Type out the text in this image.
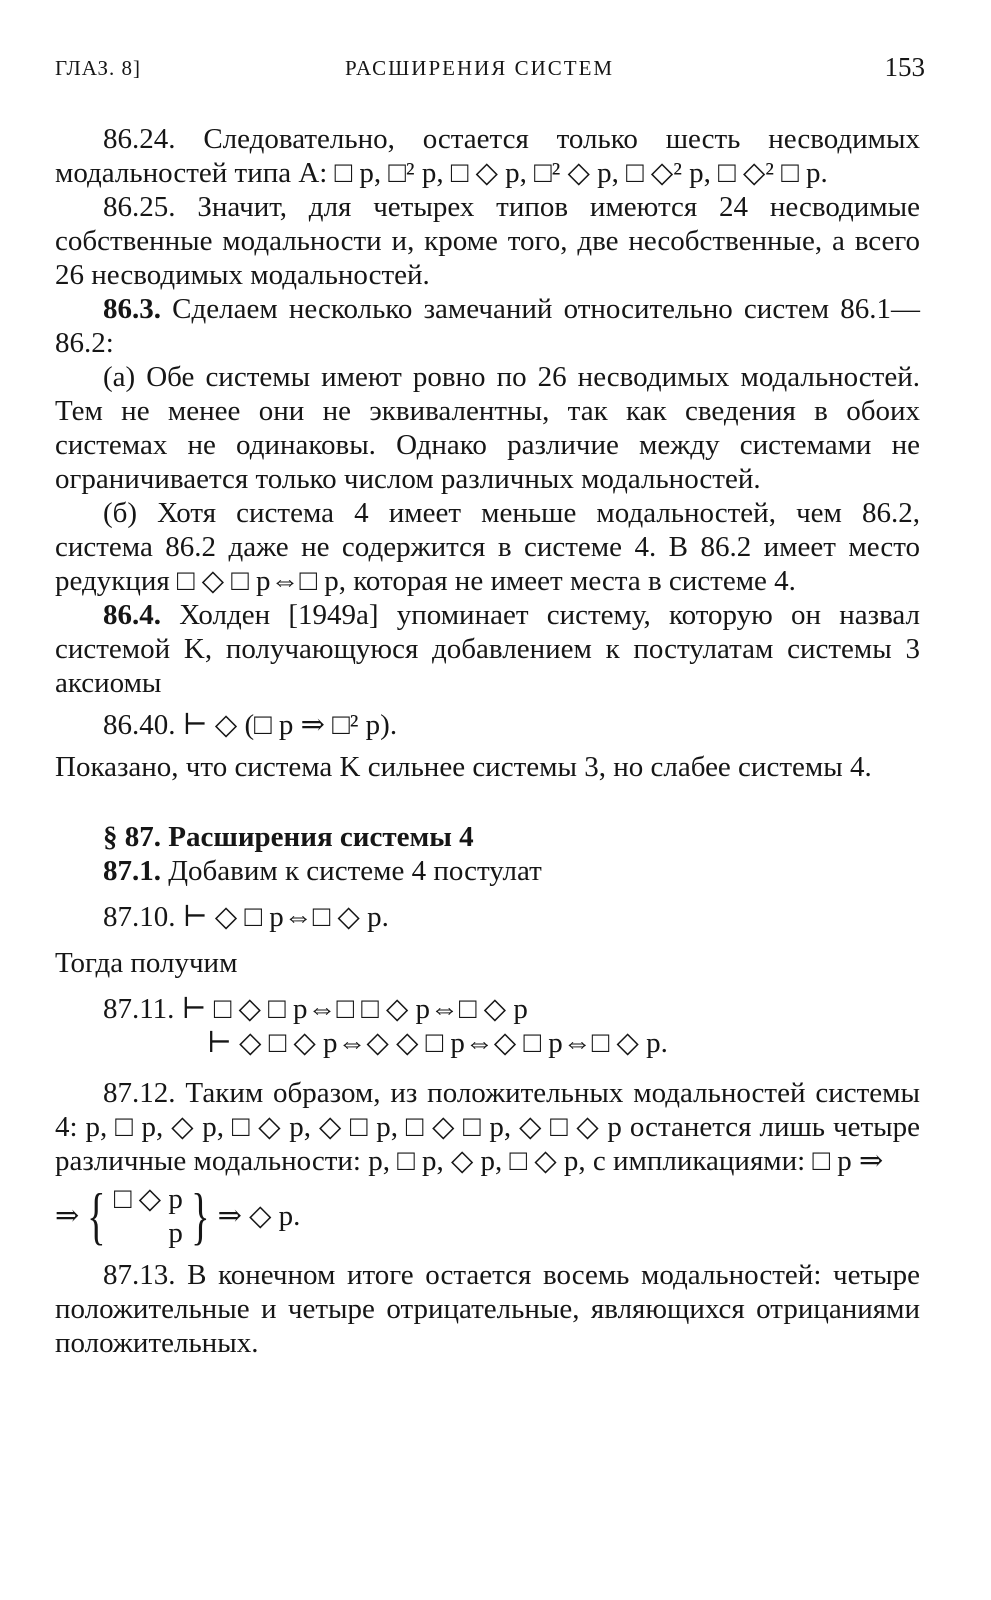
ГЛАЗ. 8]	РАСШИРЕНИЯ СИСТЕМ	153

86.24. Следовательно, остается только шесть несводимых модальностей типа А: □ p, □² p, □ ◇ p, □² ◇ p, □ ◇² p, □ ◇² □ p.

86.25. Значит, для четырех типов имеются 24 несводимые собственные модальности и, кроме того, две несобственные, а всего 26 несводимых модальностей.

86.3. Сделаем несколько замечаний относительно систем 86.1—86.2:

(а) Обе системы имеют ровно по 26 несводимых модальностей. Тем не менее они не эквивалентны, так как сведения в обоих системах не одинаковы. Однако различие между системами не ограничивается только числом различных модальностей.

(б) Хотя система 4 имеет меньше модальностей, чем 86.2, система 86.2 даже не содержится в системе 4. В 86.2 имеет место редукция □ ◇ □ p⇔□ p, которая не имеет места в системе 4.

86.4. Холден [1949а] упоминает систему, которую он назвал системой K, получающуюся добавлением к постулатам системы 3 аксиомы

86.40. ⊢ ◇ (□ p ⇒ □² p).

Показано, что система K сильнее системы 3, но слабее системы 4.

§ 87. Расширения системы 4

87.1. Добавим к системе 4 постулат

87.10. ⊢ ◇ □ p⇔□ ◇ p.

Тогда получим

87.11. ⊢ □ ◇ □ p⇔□ □ ◇ p⇔□ ◇ p

⊢ ◇ □ ◇ p⇔◇ ◇ □ p⇔◇ □ p⇔□ ◇ p.

87.12. Таким образом, из положительных модальностей системы 4: p, □ p, ◇ p, □ ◇ p, ◇ □ p, □ ◇ □ p, ◇ □ ◇ p останется лишь четыре различные модальности: p, □ p, ◇ p, □ ◇ p, с импликациями: □ p ⇒

⇒ { □ ◇ p
p } ⇒ ◇ p.

87.13. В конечном итоге остается восемь модальностей: четыре положительные и четыре отрицательные, являющихся отрицаниями положительных.
